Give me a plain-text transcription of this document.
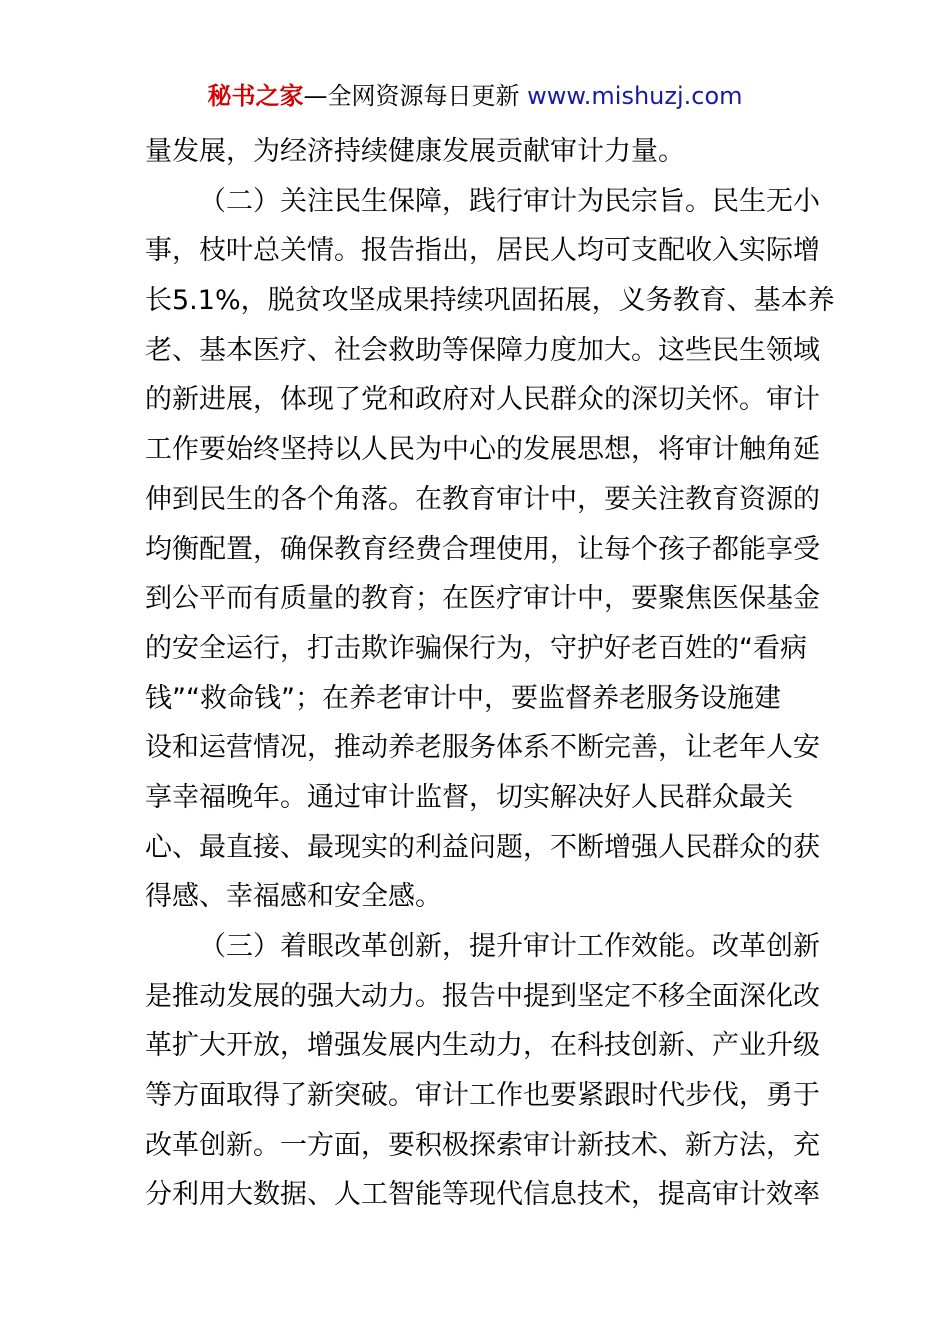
秘书之家—全网资源每日更新 www.mishuzj.com
量发展，为经济持续健康发展贡献审计力量。
（二）关注民生保障，践行审计为民宗旨。民生无小
事，枝叶总关情。报告指出，居民人均可支配收入实际增
长5.1%，脱贫攻坚成果持续巩固拓展，义务教育、基本养
老、基本医疗、社会救助等保障力度加大。这些民生领域
的新进展，体现了党和政府对人民群众的深切关怀。审计
工作要始终坚持以人民为中心的发展思想，将审计触角延
伸到民生的各个角落。在教育审计中，要关注教育资源的
均衡配置，确保教育经费合理使用，让每个孩子都能享受
到公平而有质量的教育；在医疗审计中，要聚焦医保基金
的安全运行，打击欺诈骗保行为，守护好老百姓的“看病
钱”“救命钱”；在养老审计中，要监督养老服务设施建
设和运营情况，推动养老服务体系不断完善，让老年人安
享幸福晚年。通过审计监督，切实解决好人民群众最关
心、最直接、最现实的利益问题，不断增强人民群众的获
得感、幸福感和安全感。
（三）着眼改革创新，提升审计工作效能。改革创新
是推动发展的强大动力。报告中提到坚定不移全面深化改
革扩大开放，增强发展内生动力，在科技创新、产业升级
等方面取得了新突破。审计工作也要紧跟时代步伐，勇于
改革创新。一方面，要积极探索审计新技术、新方法，充
分利用大数据、人工智能等现代信息技术，提高审计效率
